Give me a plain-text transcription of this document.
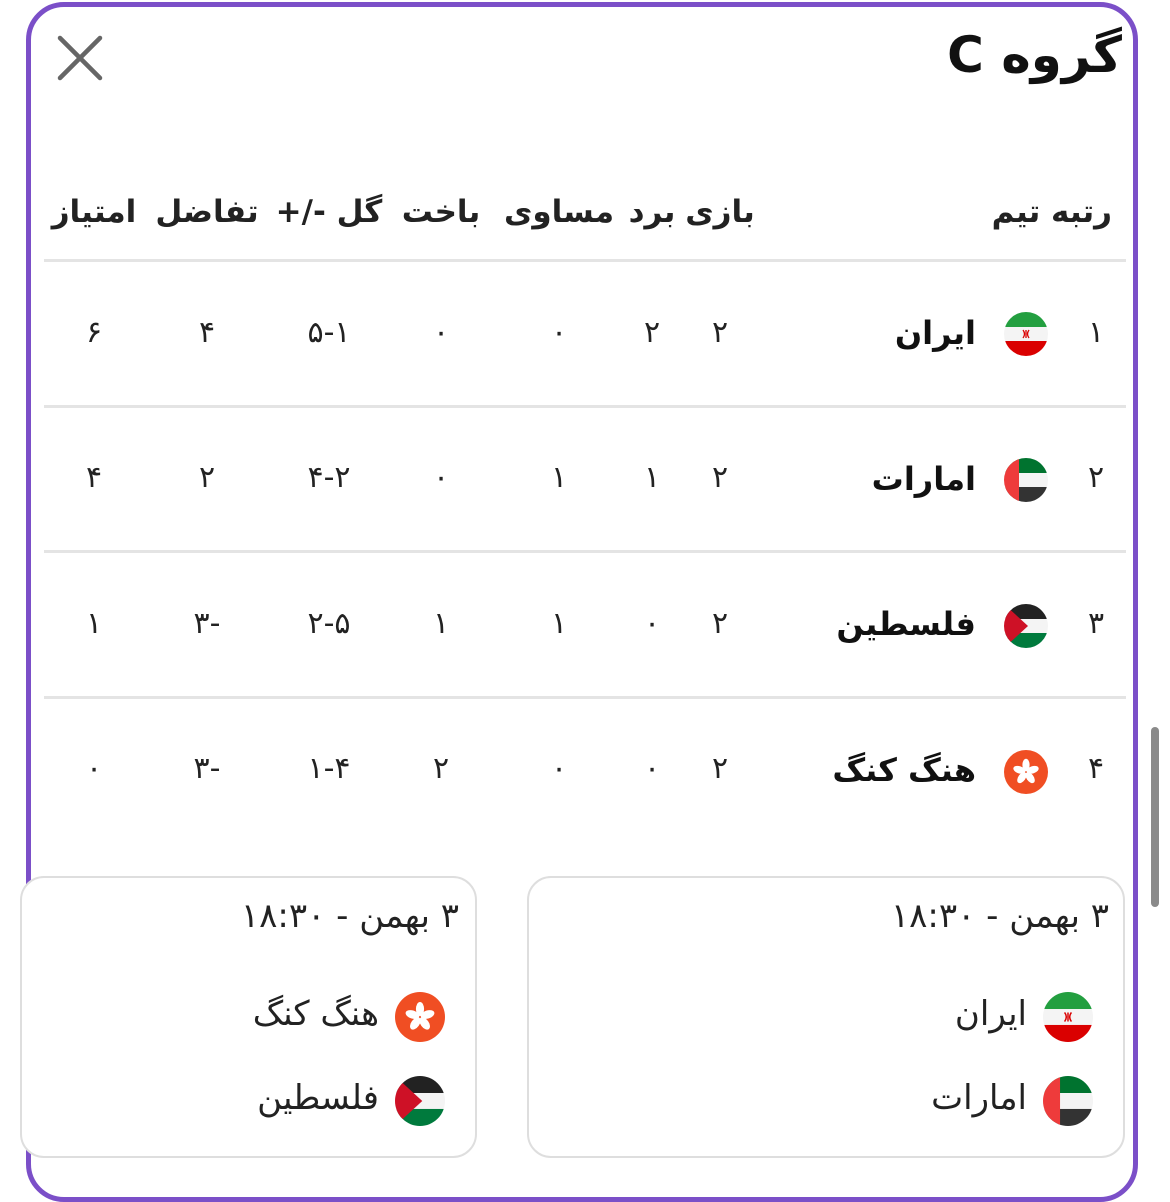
گروه C
رتبه تیم
بازی
برد
مساوی
باخت
گل -/+
تفاضل
امتیاز
۱
ایران
۲
۲
۰
۰
۵-۱
۴
۶
۲
امارات
۲
۱
۱
۰
۴-۲
۲
۴
۳
فلسطین
۲
۰
۱
۱
۲-۵
-۳
۱
۴
هنگ کنگ
۲
۰
۰
۲
۱-۴
-۳
۰
۳ بهمن - ۱۸:۳۰
ایران
امارات
۳ بهمن - ۱۸:۳۰
هنگ کنگ
فلسطین
